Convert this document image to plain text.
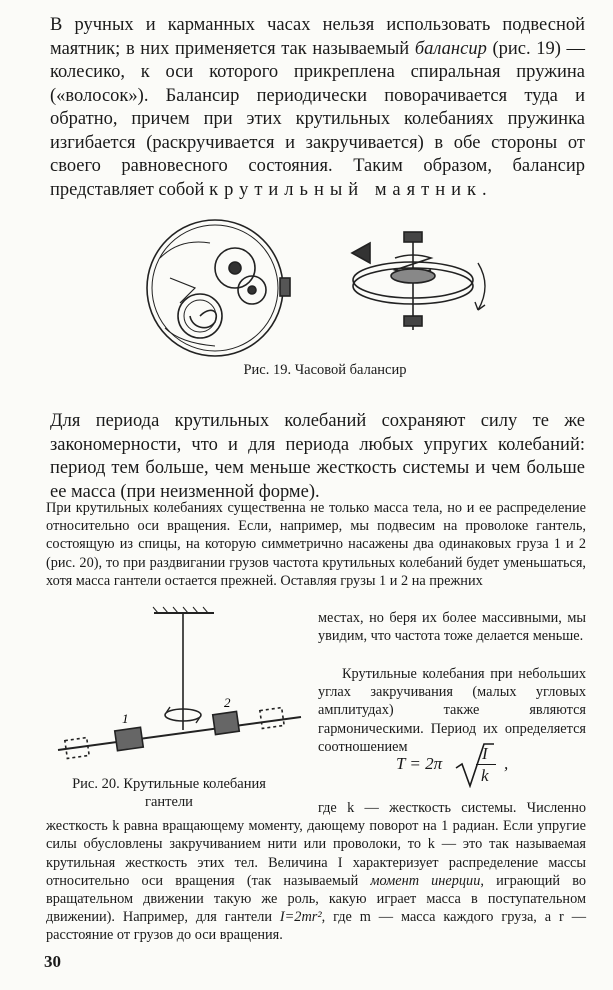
В ручных и карманных часах нельзя использовать подвесной маятник; в них применяется так называемый балансир (рис. 19) — колесико, к оси которого прикреплена спиральная пружина («волосок»). Балансир периодически поворачивается туда и обратно, причем при этих крутильных колебаниях пружинка изгибается (раскручивается и закручивается) в обе стороны от своего равновесного состояния. Таким образом, балансир представляет собой крутильный маятник.

Рис. 19. Часовой балансир

Для периода крутильных колебаний сохраняют силу те же закономерности, что и для периода любых упругих колебаний: период тем больше, чем меньше жесткость системы и чем больше ее масса (при неизменной форме).

При крутильных колебаниях существенна не только масса тела, но и ее распределение относительно оси вращения. Если, например, мы подвесим на проволоке гантель, состоящую из спицы, на которую симметрично насажены два одинаковых груза 1 и 2 (рис. 20), то при раздвигании грузов частота крутильных колебаний будет уменьшаться, хотя масса гантели остается прежней. Оставляя грузы 1 и 2 на прежних

1
2
Рис. 20. Крутильные колебания
гантели

местах, но беря их более массивными, мы увидим, что частота тоже делается меньше.

Крутильные колебания при небольших углах закручивания (малых угловых амплитудах) также являются гармоническими. Период их определяется соотношением

T = 2π
I
k
,

где k — жесткость системы. Численно жесткость k равна вращающему моменту, дающему поворот на 1 радиан. Если упругие силы обусловлены закручиванием нити или проволоки, то k — это так называемая крутильная жесткость этих тел. Величина I характеризует распределение массы относительно оси вращения (так называемый момент инерции, играющий во вращательном движении такую же роль, какую играет масса в поступательном движении). Например, для гантели I=2mr², где m — масса каждого груза, а r — расстояние от грузов до оси вращения.

30
